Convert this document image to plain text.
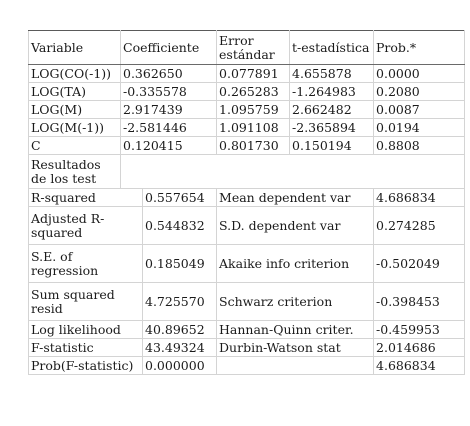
Variable	Coefficiente		Error estándar	t-estadística	Prob.*
LOG(CO(-1))	0.362650		0.077891	4.655878	0.0000
LOG(TA)	-0.335578		0.265283	-1.264983	0.2080
LOG(M)	2.917439		1.095759	2.662482	0.0087
LOG(M(-1))	-2.581446		1.091108	-2.365894	0.0194
C	0.120415		0.801730	0.150194	0.8808
Resultados de los test					
R-squared		0.557654	Mean dependent var		4.686834
Adjusted R-squared		0.544832	S.D. dependent var		0.274285
S.E. of regression		0.185049	Akaike info criterion		-0.502049
Sum squared resid		4.725570	Schwarz criterion		-0.398453
Log likelihood		40.89652	Hannan-Quinn criter.		-0.459953
F-statistic		43.49324	Durbin-Watson stat		2.014686
Prob(F-statistic)		0.000000			4.686834
